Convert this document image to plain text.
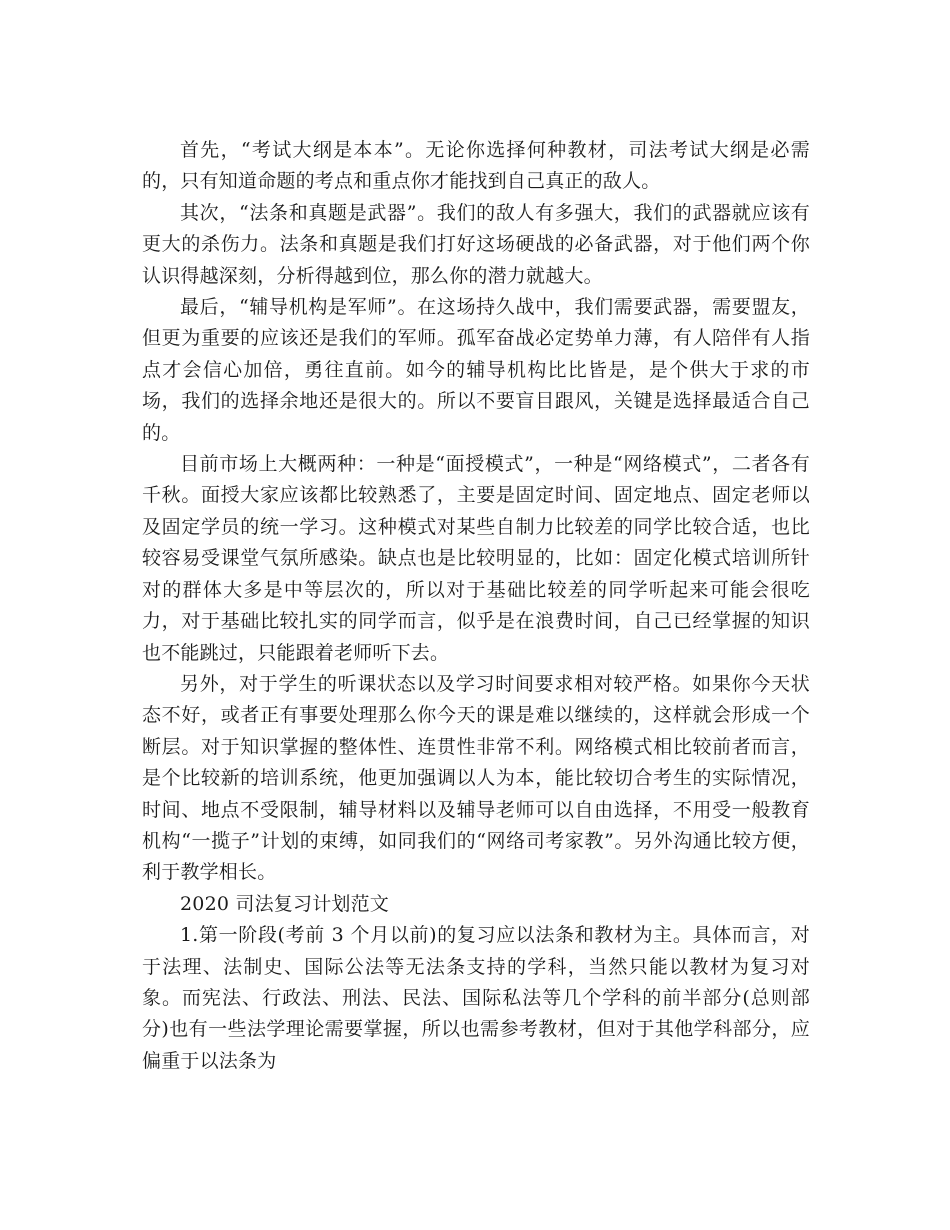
首先，“考试大纲是本本”。无论你选择何种教材，司法考试大纲是必需的，只有知道命题的考点和重点你才能找到自己真正的敌人。

其次，“法条和真题是武器”。我们的敌人有多强大，我们的武器就应该有更大的杀伤力。法条和真题是我们打好这场硬战的必备武器，对于他们两个你认识得越深刻，分析得越到位，那么你的潜力就越大。

最后，“辅导机构是军师”。在这场持久战中，我们需要武器，需要盟友，但更为重要的应该还是我们的军师。孤军奋战必定势单力薄，有人陪伴有人指点才会信心加倍，勇往直前。如今的辅导机构比比皆是，是个供大于求的市场，我们的选择余地还是很大的。所以不要盲目跟风，关键是选择最适合自己的。

目前市场上大概两种：一种是“面授模式”，一种是“网络模式”，二者各有千秋。面授大家应该都比较熟悉了，主要是固定时间、固定地点、固定老师以及固定学员的统一学习。这种模式对某些自制力比较差的同学比较合适，也比较容易受课堂气氛所感染。缺点也是比较明显的，比如：固定化模式培训所针对的群体大多是中等层次的，所以对于基础比较差的同学听起来可能会很吃力，对于基础比较扎实的同学而言，似乎是在浪费时间，自己已经掌握的知识也不能跳过，只能跟着老师听下去。

另外，对于学生的听课状态以及学习时间要求相对较严格。如果你今天状态不好，或者正有事要处理那么你今天的课是难以继续的，这样就会形成一个断层。对于知识掌握的整体性、连贯性非常不利。网络模式相比较前者而言，是个比较新的培训系统，他更加强调以人为本，能比较切合考生的实际情况，时间、地点不受限制，辅导材料以及辅导老师可以自由选择，不用受一般教育机构“一揽子”计划的束缚，如同我们的“网络司考家教”。另外沟通比较方便，利于教学相长。

2020 司法复习计划范文

1.第一阶段(考前 3 个月以前)的复习应以法条和教材为主。具体而言，对于法理、法制史、国际公法等无法条支持的学科，当然只能以教材为复习对象。而宪法、行政法、刑法、民法、国际私法等几个学科的前半部分(总则部分)也有一些法学理论需要掌握，所以也需参考教材，但对于其他学科部分，应偏重于以法条为
